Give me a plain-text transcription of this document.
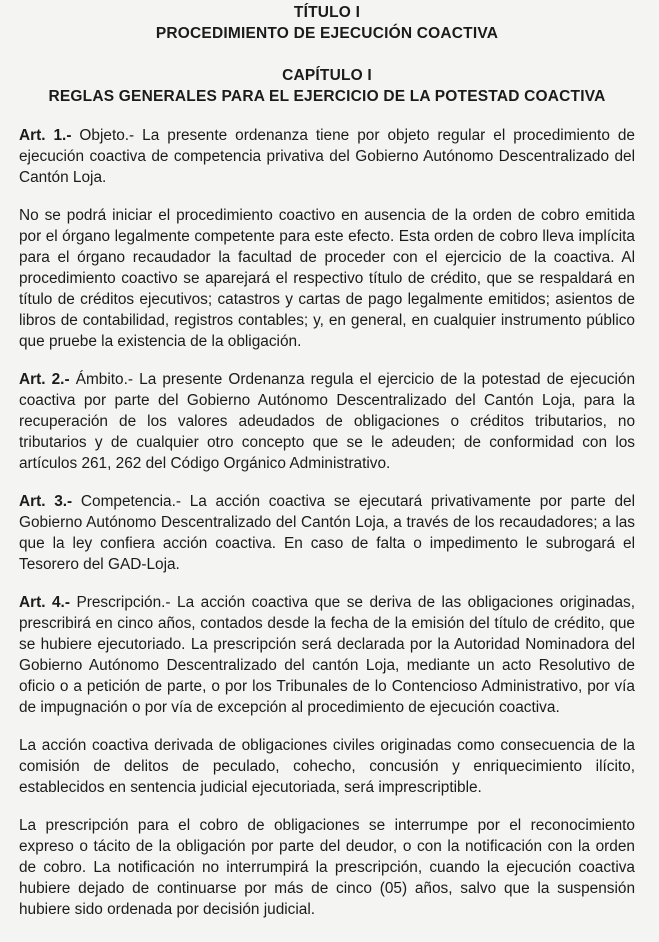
TÍTULO I
PROCEDIMIENTO DE EJECUCIÓN COACTIVA
CAPÍTULO I
REGLAS GENERALES PARA EL EJERCICIO DE LA POTESTAD COACTIVA

Art. 1.- Objeto.- La presente ordenanza tiene por objeto regular el procedimiento de ejecución coactiva de competencia privativa del Gobierno Autónomo Descentralizado del Cantón Loja.

No se podrá iniciar el procedimiento coactivo en ausencia de la orden de cobro emitida por el órgano legalmente competente para este efecto. Esta orden de cobro lleva implícita para el órgano recaudador la facultad de proceder con el ejercicio de la coactiva. Al procedimiento coactivo se aparejará el respectivo título de crédito, que se respaldará en título de créditos ejecutivos; catastros y cartas de pago legalmente emitidos; asientos de libros de contabilidad, registros contables; y, en general, en cualquier instrumento público que pruebe la existencia de la obligación.

Art. 2.- Ámbito.- La presente Ordenanza regula el ejercicio de la potestad de ejecución coactiva por parte del Gobierno Autónomo Descentralizado del Cantón Loja, para la recuperación de los valores adeudados de obligaciones o créditos tributarios, no tributarios y de cualquier otro concepto que se le adeuden; de conformidad con los artículos 261, 262 del Código Orgánico Administrativo.

Art. 3.- Competencia.- La acción coactiva se ejecutará privativamente por parte del Gobierno Autónomo Descentralizado del Cantón Loja, a través de los recaudadores; a las que la ley confiera acción coactiva. En caso de falta o impedimento le subrogará el Tesorero del GAD-Loja.

Art. 4.- Prescripción.- La acción coactiva que se deriva de las obligaciones originadas, prescribirá en cinco años, contados desde la fecha de la emisión del título de crédito, que se hubiere ejecutoriado. La prescripción será declarada por la Autoridad Nominadora del Gobierno Autónomo Descentralizado del cantón Loja, mediante un acto Resolutivo de oficio o a petición de parte, o por los Tribunales de lo Contencioso Administrativo, por vía de impugnación o por vía de excepción al procedimiento de ejecución coactiva.

La acción coactiva derivada de obligaciones civiles originadas como consecuencia de la comisión de delitos de peculado, cohecho, concusión y enriquecimiento ilícito, establecidos en sentencia judicial ejecutoriada, será imprescriptible.

La prescripción para el cobro de obligaciones se interrumpe por el reconocimiento expreso o tácito de la obligación por parte del deudor, o con la notificación con la orden de cobro. La notificación no interrumpirá la prescripción, cuando la ejecución coactiva hubiere dejado de continuarse por más de cinco (05) años, salvo que la suspensión hubiere sido ordenada por decisión judicial.
